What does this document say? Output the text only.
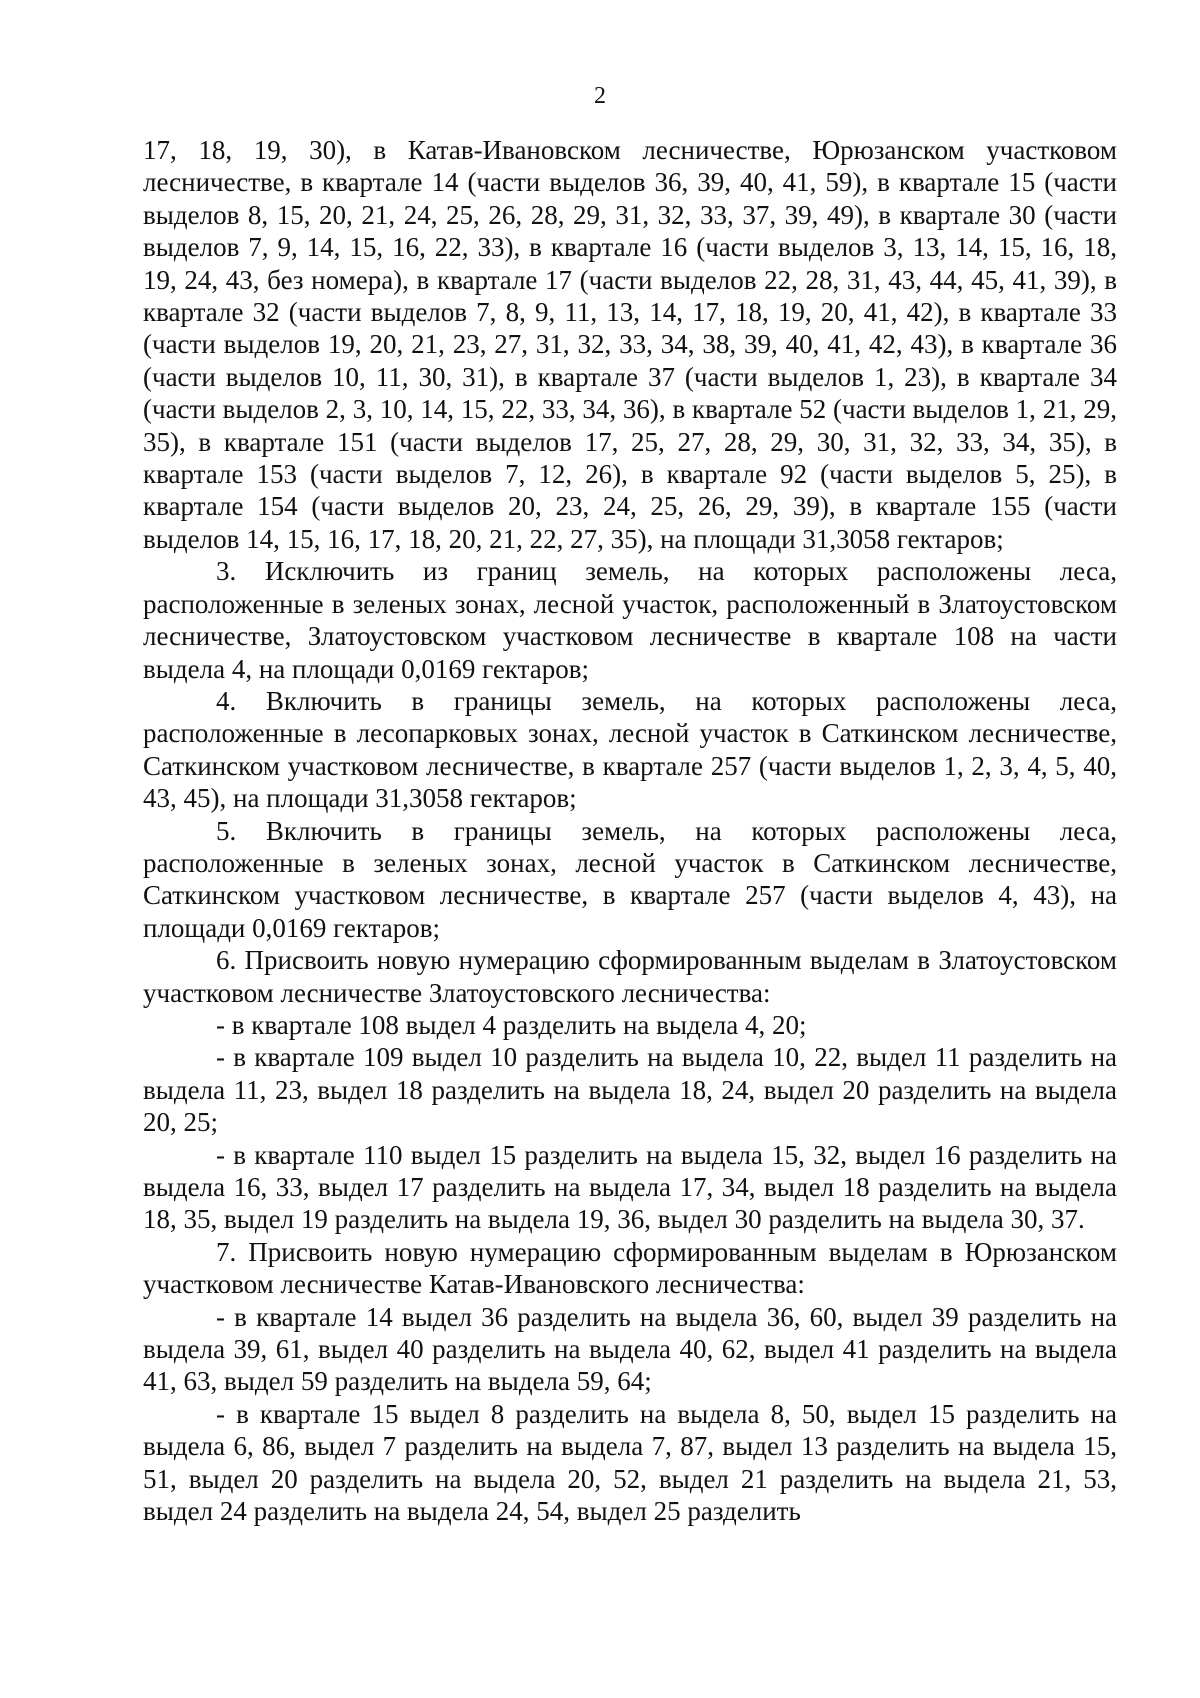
2

17, 18, 19, 30), в Катав-Ивановском лесничестве, Юрюзанском участковом лесничестве, в квартале 14 (части выделов 36, 39, 40, 41, 59), в квартале 15 (части выделов 8, 15, 20, 21, 24, 25, 26, 28, 29, 31, 32, 33, 37, 39, 49), в квартале 30 (части выделов 7, 9, 14, 15, 16, 22, 33), в квартале 16 (части выделов 3, 13, 14, 15, 16, 18, 19, 24, 43, без номера), в квартале 17 (части выделов 22, 28, 31, 43, 44, 45, 41, 39), в квартале 32 (части выделов 7, 8, 9, 11, 13, 14, 17, 18, 19, 20, 41, 42), в квартале 33 (части выделов 19, 20, 21, 23, 27, 31, 32, 33, 34, 38, 39, 40, 41, 42, 43), в квартале 36 (части выделов 10, 11, 30, 31), в квартале 37 (части выделов 1, 23), в квартале 34 (части выделов 2, 3, 10, 14, 15, 22, 33, 34, 36), в квартале 52 (части выделов 1, 21, 29, 35), в квартале 151 (части выделов 17, 25, 27, 28, 29, 30, 31, 32, 33, 34, 35), в квартале 153 (части выделов 7, 12, 26), в квартале 92 (части выделов 5, 25), в квартале 154 (части выделов 20, 23, 24, 25, 26, 29, 39), в квартале 155 (части выделов 14, 15, 16, 17, 18, 20, 21, 22, 27, 35), на площади 31,3058 гектаров;

3. Исключить из границ земель, на которых расположены леса, расположенные в зеленых зонах, лесной участок, расположенный в Златоустовском лесничестве, Златоустовском участковом лесничестве в квартале 108 на части выдела 4, на площади 0,0169 гектаров;

4. Включить в границы земель, на которых расположены леса, расположенные в лесопарковых зонах, лесной участок в Саткинском лесничестве, Саткинском участковом лесничестве, в квартале 257 (части выделов 1, 2, 3, 4, 5, 40, 43, 45), на площади 31,3058 гектаров;

5. Включить в границы земель, на которых расположены леса, расположенные в зеленых зонах, лесной участок в Саткинском лесничестве, Саткинском участковом лесничестве, в квартале 257 (части выделов 4, 43), на площади 0,0169 гектаров;

6. Присвоить новую нумерацию сформированным выделам в Златоустовском участковом лесничестве Златоустовского лесничества:

- в квартале 108 выдел 4 разделить на выдела 4, 20;

- в квартале 109 выдел 10 разделить на выдела 10, 22, выдел 11 разделить на выдела 11, 23, выдел 18 разделить на выдела 18, 24, выдел 20 разделить на выдела 20, 25;

- в квартале 110 выдел 15 разделить на выдела 15, 32, выдел 16 разделить на выдела 16, 33, выдел 17 разделить на выдела 17, 34, выдел 18 разделить на выдела 18, 35, выдел 19 разделить на выдела 19, 36, выдел 30 разделить на выдела 30, 37.

7. Присвоить новую нумерацию сформированным выделам в Юрюзанском участковом лесничестве Катав-Ивановского лесничества:

- в квартале 14 выдел 36 разделить на выдела 36, 60, выдел 39 разделить на выдела 39, 61, выдел 40 разделить на выдела 40, 62, выдел 41 разделить на выдела 41, 63, выдел 59 разделить на выдела 59, 64;

- в квартале 15 выдел 8 разделить на выдела 8, 50, выдел 15 разделить на выдела 6, 86, выдел 7 разделить на выдела 7, 87, выдел 13 разделить на выдела 15, 51, выдел 20 разделить на выдела 20, 52, выдел 21 разделить на выдела 21, 53, выдел 24 разделить на выдела 24, 54, выдел 25 разделить
